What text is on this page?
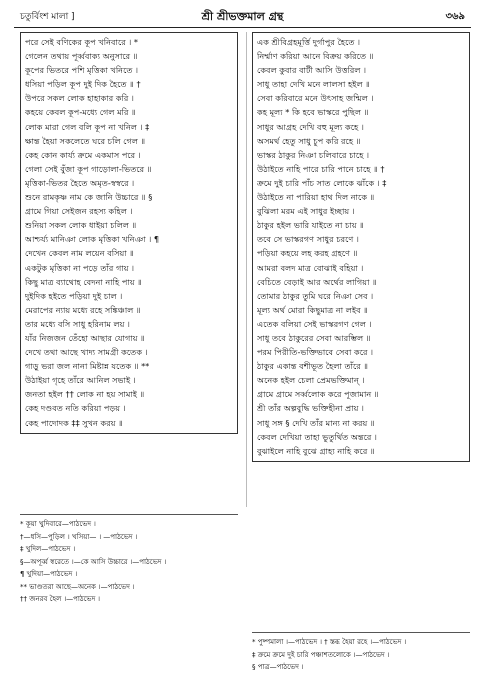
চতুর্বিংশ মালা ]	শ্রী শ্রীভক্তমাল গ্রন্থ	৩৬৯
পরে সেই বণিকের কূপ খনিবারে । *
গেলেন তথায় পূর্ব্ববাক্য অনুসারে ॥
কূপের ভিতরে পশি মৃত্তিকা খনিতে ।
ধসিয়া পড়িল কূপ দুই দিক হৈতে ॥ †
উপরে সকল লোক হাহাকার করি ।
কহয়ে কেবল কূপ-মধ্যে গেল মরি ॥
লোক মারা গেল বলি কূপ না খনিল । ‡
ক্ষান্ত হৈয়া সকলেতে ঘরে চলি গেল ॥
কেহ কোন কার্য্য ক্রমে একমাস পরে ।
গেলা সেই বুঁজা কূপ গাড়োলা-ভিতরে ॥
মৃত্তিকা-ভিতর হৈতে অমৃত-স্বস্বরে ।
শুনে রামকৃষ্ণ নাম কে জানি উচ্চারে ॥ §
গ্রামে গিয়া সেইজন রহস্য কহিল ।
শুনিয়া সকল লোক ধাইয়া চলিল ॥
আশ্চর্য্য মানিঞা লোক মৃত্তিকা খনিঞা । ¶
দেখেন কেবল নাম লয়েন বসিয়া ॥
একটুক মৃত্তিকা না পড়ে তাঁর গায় ।
কিছু মাত্র ব্যাথোহ বেদনা নাহি পায় ॥
দুইদিক হইতে পড়িয়া দুই চাল ।
মেরাপের ন্যায় মধ্যে রহে সঙ্কিঞ্চাল ॥
তার মধ্যে বসি সাধু হরিনাম লয় ।
যাঁর নিজজন তেঁহো আছার যোগায় ॥
দেখে তথা আছে খাদ্য সামগ্রী কতেক ।
গাড়ু ভরা জল নানা মিষ্টান্ন যতেক ॥ **
উঠাইয়া গৃহে তাঁরে আনিল সভাই ।
জনতা হইল †† লোক না হয় সামাই ॥
কেহ দণ্ডবত নতি করিয়া পড়য় ।
কেহ পাদোদক ‡‡ সুখন করয় ॥
এক শ্রীবিগ্রহমূর্ত্তি দুর্গাপুর হৈতে ।
নির্ম্মাণ করিয়া আনে বিক্রয় করিতে ॥
কেবল কুবার বাটী আসি উত্তরিল ।
সাধু তাহা দেখি মনে লালসা হইল ॥
সেবা করিবারে মনে উৎসাহ জন্মিল ।
কহ মূল্য * কি হবে ভাস্করে পুছিল ॥
সাধুর আগ্রহ দেখি বহু মূল্য কহে ।
অসমর্থ হেতু সাধু চুপ করি রহে ॥
ভাস্কর ঠাকুর নিঞা চলিবারে চাহে ।
উঠাইতে নাহি পারে চারি পানে চাহে ॥ †
ক্রমে দুই চারি পাঁচ সাত লোকে ঝাঁকে । ‡
উঠাইতে না পারিয়া হাথ দিল নাকে ॥
বুঝিলা মরম এই সাধুর ইচ্ছায় ।
ঠাকুর হইল ভারি যাইতে না চায় ॥
তবে সে ভাস্করগণ সাধুর চরণে ।
পড়িয়া কহয়ে লহ করহ গ্রহণে ॥
আমরা বলদ মাত্র বোঝাই বহিয়া ।
বেচিতে বেড়াই আর অর্থের লাগিয়া ॥
তোমার ঠাকুর তুমি ঘরে নিঞা সেব ।
মূল্য অর্থ মোরা কিছুমাত্র না লইব ॥
এতেক বলিয়া সেই ভাস্করগণ গেল ।
সাধু তবে ঠাকুরের সেবা আরম্ভিল ॥
পরম পিরীতি-ভক্তিভাবে সেবা করে ।
ঠাকুর একান্ত বশীভূত হৈলা তাঁরে ॥
অনেক হইল চেলা প্রেমভক্তিমান্ ।
গ্রামে গ্রামে সর্ব্বলোক করে পূজামান ॥
শ্রী তাঁর অল্পবুদ্ধি ভক্তিহীনা প্রায় ।
সাধু সঙ্গ § দেখি তাঁর মান্য না করয় ॥
কেবল দেখিয়া তাহা ভুতুর্থিত অন্তরে ।
বুঝাইলে নাহি বুঝে গ্রাহ্য নাহি করে ॥
* কূয়া খুদিবারে—পাঠভেদ ।
†—ধসি—পুড়িল । খসিয়া— । —পাঠভেদ ।
‡ খুদিল—পাঠভেদ ।
§—অপূর্ব্ব স্বরেতে ।—কে আসি উচ্চারে ।—পাঠভেদ ।
¶ খুদিয়া—পাঠভেদ ।
** ভাণ্ডতরা আছে—অনেক ।—পাঠভেদ ।
†† জনরব হৈল ।—পাঠভেদ ।
* পুষ্পমালা ।—পাঠভেদ । † স্তব্ধ হৈয়া রহে ।—পাঠভেদ ।
‡ ক্রমে ক্রমে দুই চারি পঞ্চাশতলোকে ।—পাঠভেদ ।
§ পাত্র—পাঠভেদ ।
